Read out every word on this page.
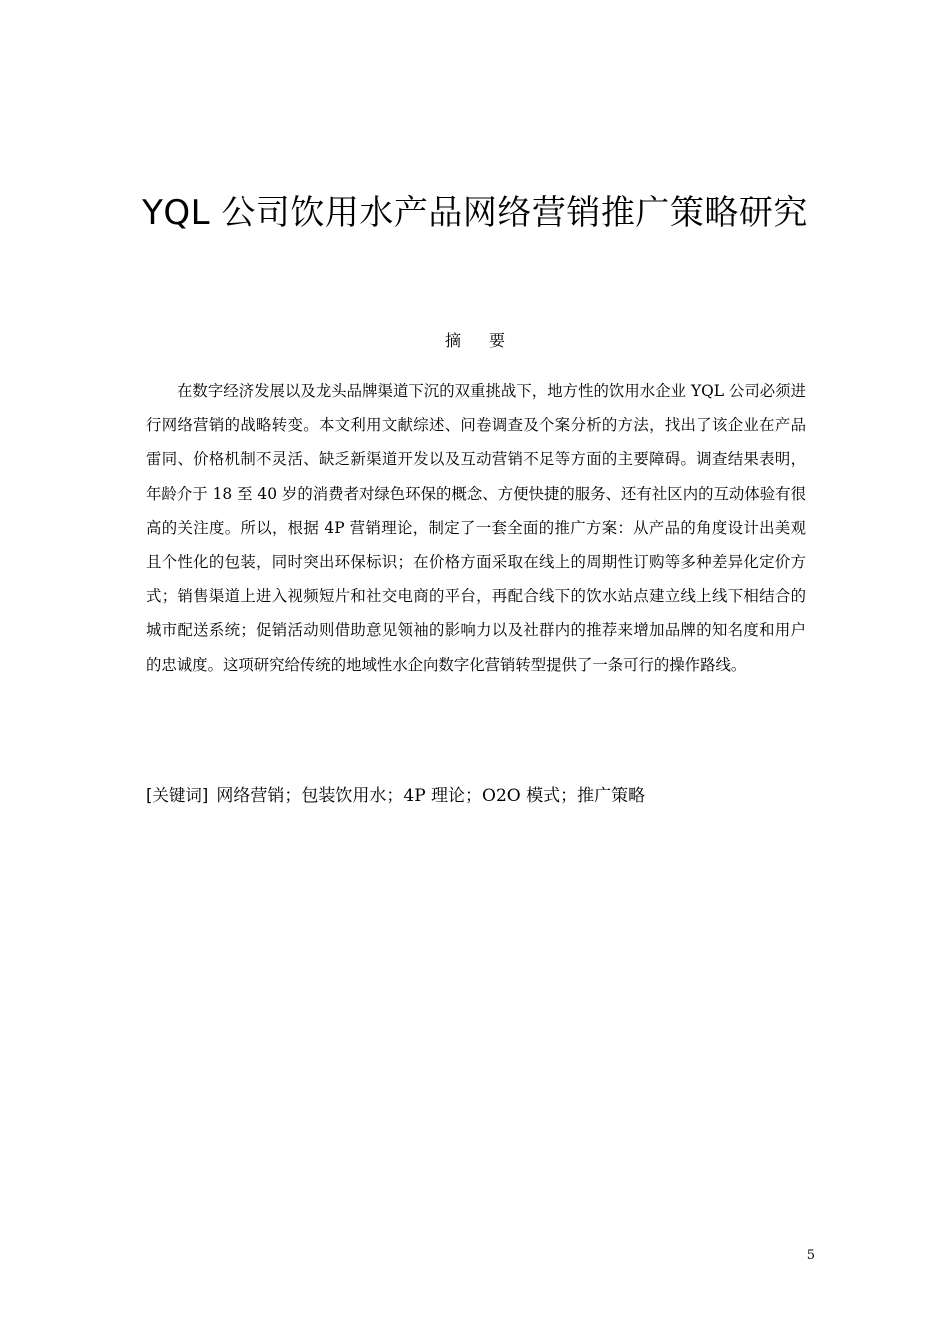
YQL 公司饮用水产品网络营销推广策略研究
摘 要

在数字经济发展以及龙头品牌渠道下沉的双重挑战下，地方性的饮用水企业 YQL 公司必须进行网络营销的战略转变。本文利用文献综述、问卷调查及个案分析的方法，找出了该企业在产品雷同、价格机制不灵活、缺乏新渠道开发以及互动营销不足等方面的主要障碍。调查结果表明，年龄介于 18 至 40 岁的消费者对绿色环保的概念、方便快捷的服务、还有社区内的互动体验有很高的关注度。所以，根据 4P 营销理论，制定了一套全面的推广方案：从产品的角度设计出美观且个性化的包装，同时突出环保标识；在价格方面采取在线上的周期性订购等多种差异化定价方式；销售渠道上进入视频短片和社交电商的平台，再配合线下的饮水站点建立线上线下相结合的城市配送系统；促销活动则借助意见领袖的影响力以及社群内的推荐来增加品牌的知名度和用户的忠诚度。这项研究给传统的地域性水企向数字化营销转型提供了一条可行的操作路线。

[关键词] 网络营销；包装饮用水；4P 理论；O2O 模式；推广策略
5
